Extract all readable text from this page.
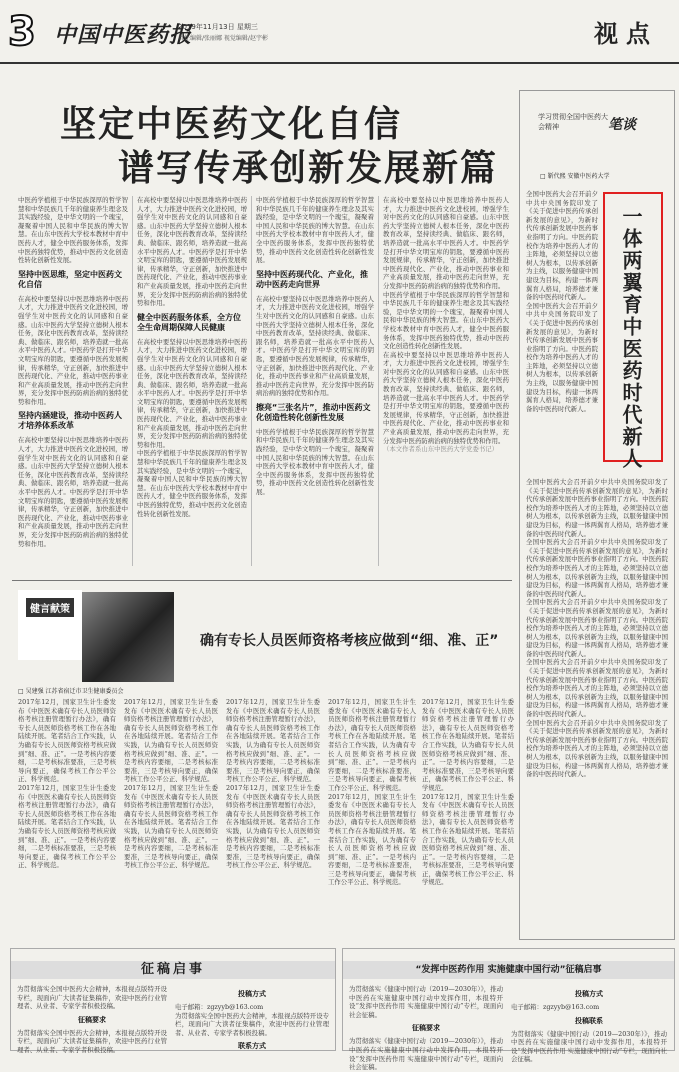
3 中国中医药报
2019年11月13日 星期三
责任编辑/张丽娜 视觉编辑/赵宇彬	视点
坚定中医药文化自信
谱写传承创新发展新篇
中医药学植根于中华民族深厚的哲学智慧和中华民族几千年的健康养生理念及其实践经验，是中华文明的一个瑰宝，凝聚着中国人民和中华民族的博大智慧。在山东中医药大学校本教材中育中医药人才，健全中医药服务体系，发挥中医药独特优势，推动中医药文化创造性转化创新性发展。
坚持中医思维，坚定中医药文化自信
在高校中要坚持以中医思维培养中医药人才，大力推进中医药文化进校园，增强学生对中医药文化的认同感和自豪感。山东中医药大学坚持立德树人根本任务，深化中医药教育改革，坚持读经典、做临床、跟名师，培养造就一批高水平中医药人才。中医药学是打开中华文明宝库的钥匙，要遵循中医药发展规律，传承精华，守正创新，加快推进中医药现代化、产业化，推动中医药事业和产业高质量发展，推动中医药走向世界，充分发挥中医药防病治病的独特优势和作用。
坚持内涵建设，推动中医药人才培养体系改革
在高校中要坚持以中医思维培养中医药人才，大力推进中医药文化进校园，增强学生对中医药文化的认同感和自豪感。山东中医药大学坚持立德树人根本任务，深化中医药教育改革，坚持读经典、做临床、跟名师，培养造就一批高水平中医药人才。中医药学是打开中华文明宝库的钥匙，要遵循中医药发展规律，传承精华，守正创新，加快推进中医药现代化、产业化，推动中医药事业和产业高质量发展，推动中医药走向世界，充分发挥中医药防病治病的独特优势和作用。
在高校中要坚持以中医思维培养中医药人才，大力推进中医药文化进校园，增强学生对中医药文化的认同感和自豪感。山东中医药大学坚持立德树人根本任务，深化中医药教育改革，坚持读经典、做临床、跟名师，培养造就一批高水平中医药人才。中医药学是打开中华文明宝库的钥匙，要遵循中医药发展规律，传承精华，守正创新，加快推进中医药现代化、产业化，推动中医药事业和产业高质量发展，推动中医药走向世界，充分发挥中医药防病治病的独特优势和作用。
健全中医药服务体系，全方位全生命周期保障人民健康
在高校中要坚持以中医思维培养中医药人才，大力推进中医药文化进校园，增强学生对中医药文化的认同感和自豪感。山东中医药大学坚持立德树人根本任务，深化中医药教育改革，坚持读经典、做临床、跟名师，培养造就一批高水平中医药人才。中医药学是打开中华文明宝库的钥匙，要遵循中医药发展规律，传承精华，守正创新，加快推进中医药现代化、产业化，推动中医药事业和产业高质量发展，推动中医药走向世界，充分发挥中医药防病治病的独特优势和作用。
中医药学植根于中华民族深厚的哲学智慧和中华民族几千年的健康养生理念及其实践经验，是中华文明的一个瑰宝，凝聚着中国人民和中华民族的博大智慧。在山东中医药大学校本教材中育中医药人才，健全中医药服务体系，发挥中医药独特优势，推动中医药文化创造性转化创新性发展。
中医药学植根于中华民族深厚的哲学智慧和中华民族几千年的健康养生理念及其实践经验，是中华文明的一个瑰宝，凝聚着中国人民和中华民族的博大智慧。在山东中医药大学校本教材中育中医药人才，健全中医药服务体系，发挥中医药独特优势，推动中医药文化创造性转化创新性发展。
坚持中医药现代化、产业化，推动中医药走向世界
在高校中要坚持以中医思维培养中医药人才，大力推进中医药文化进校园，增强学生对中医药文化的认同感和自豪感。山东中医药大学坚持立德树人根本任务，深化中医药教育改革，坚持读经典、做临床、跟名师，培养造就一批高水平中医药人才。中医药学是打开中华文明宝库的钥匙，要遵循中医药发展规律，传承精华，守正创新，加快推进中医药现代化、产业化，推动中医药事业和产业高质量发展，推动中医药走向世界，充分发挥中医药防病治病的独特优势和作用。
擦亮“三张名片”，推动中医药文化创造性转化创新性发展
中医药学植根于中华民族深厚的哲学智慧和中华民族几千年的健康养生理念及其实践经验，是中华文明的一个瑰宝，凝聚着中国人民和中华民族的博大智慧。在山东中医药大学校本教材中育中医药人才，健全中医药服务体系，发挥中医药独特优势，推动中医药文化创造性转化创新性发展。
在高校中要坚持以中医思维培养中医药人才，大力推进中医药文化进校园，增强学生对中医药文化的认同感和自豪感。山东中医药大学坚持立德树人根本任务，深化中医药教育改革，坚持读经典、做临床、跟名师，培养造就一批高水平中医药人才。中医药学是打开中华文明宝库的钥匙，要遵循中医药发展规律，传承精华，守正创新，加快推进中医药现代化、产业化，推动中医药事业和产业高质量发展，推动中医药走向世界，充分发挥中医药防病治病的独特优势和作用。
中医药学植根于中华民族深厚的哲学智慧和中华民族几千年的健康养生理念及其实践经验，是中华文明的一个瑰宝，凝聚着中国人民和中华民族的博大智慧。在山东中医药大学校本教材中育中医药人才，健全中医药服务体系，发挥中医药独特优势，推动中医药文化创造性转化创新性发展。
在高校中要坚持以中医思维培养中医药人才，大力推进中医药文化进校园，增强学生对中医药文化的认同感和自豪感。山东中医药大学坚持立德树人根本任务，深化中医药教育改革，坚持读经典、做临床、跟名师，培养造就一批高水平中医药人才。中医药学是打开中华文明宝库的钥匙，要遵循中医药发展规律，传承精华，守正创新，加快推进中医药现代化、产业化，推动中医药事业和产业高质量发展，推动中医药走向世界，充分发挥中医药防病治病的独特优势和作用。
（本文作者系山东中医药大学党委书记）
学习贯彻全国中医药大会精神	笔谈
□ 靳代熙 安徽中医药大学
全国中医药大会召开前夕中共中央国务院印发了《关于促进中医药传承创新发展的意见》，为新时代传承创新发展中医药事业指明了方向。中医药院校作为培养中医药人才的主阵地，必须坚持以立德树人为根本，以传承创新为主线，以服务健康中国建设为目标，构建一体两翼育人格局，培养德才兼备的中医药时代新人。
全国中医药大会召开前夕中共中央国务院印发了《关于促进中医药传承创新发展的意见》，为新时代传承创新发展中医药事业指明了方向。中医药院校作为培养中医药人才的主阵地，必须坚持以立德树人为根本，以传承创新为主线，以服务健康中国建设为目标，构建一体两翼育人格局，培养德才兼备的中医药时代新人。	一体两翼育中医药时代新人
全国中医药大会召开前夕中共中央国务院印发了《关于促进中医药传承创新发展的意见》，为新时代传承创新发展中医药事业指明了方向。中医药院校作为培养中医药人才的主阵地，必须坚持以立德树人为根本，以传承创新为主线，以服务健康中国建设为目标，构建一体两翼育人格局，培养德才兼备的中医药时代新人。
全国中医药大会召开前夕中共中央国务院印发了《关于促进中医药传承创新发展的意见》，为新时代传承创新发展中医药事业指明了方向。中医药院校作为培养中医药人才的主阵地，必须坚持以立德树人为根本，以传承创新为主线，以服务健康中国建设为目标，构建一体两翼育人格局，培养德才兼备的中医药时代新人。
全国中医药大会召开前夕中共中央国务院印发了《关于促进中医药传承创新发展的意见》，为新时代传承创新发展中医药事业指明了方向。中医药院校作为培养中医药人才的主阵地，必须坚持以立德树人为根本，以传承创新为主线，以服务健康中国建设为目标，构建一体两翼育人格局，培养德才兼备的中医药时代新人。
全国中医药大会召开前夕中共中央国务院印发了《关于促进中医药传承创新发展的意见》，为新时代传承创新发展中医药事业指明了方向。中医药院校作为培养中医药人才的主阵地，必须坚持以立德树人为根本，以传承创新为主线，以服务健康中国建设为目标，构建一体两翼育人格局，培养德才兼备的中医药时代新人。
全国中医药大会召开前夕中共中央国务院印发了《关于促进中医药传承创新发展的意见》，为新时代传承创新发展中医药事业指明了方向。中医药院校作为培养中医药人才的主阵地，必须坚持以立德树人为根本，以传承创新为主线，以服务健康中国建设为目标，构建一体两翼育人格局，培养德才兼备的中医药时代新人。
健言献策
确有专长人员医师资格考核应做到“细、准、正”
□ 吴建强 江苏省宿迁市卫生健康委员会
2017年12月，国家卫生计生委发布《中医医术确有专长人员医师资格考核注册管理暂行办法》，确有专长人员医师资格考核工作在各地陆续开展。笔者结合工作实践，认为确有专长人员医师资格考核应做到“细、准、正”。一是考核内容要细，二是考核标准要准，三是考核导向要正，确保考核工作公平公正、科学规范。
2017年12月，国家卫生计生委发布《中医医术确有专长人员医师资格考核注册管理暂行办法》，确有专长人员医师资格考核工作在各地陆续开展。笔者结合工作实践，认为确有专长人员医师资格考核应做到“细、准、正”。一是考核内容要细，二是考核标准要准，三是考核导向要正，确保考核工作公平公正、科学规范。
2017年12月，国家卫生计生委发布《中医医术确有专长人员医师资格考核注册管理暂行办法》，确有专长人员医师资格考核工作在各地陆续开展。笔者结合工作实践，认为确有专长人员医师资格考核应做到“细、准、正”。一是考核内容要细，二是考核标准要准，三是考核导向要正，确保考核工作公平公正、科学规范。
2017年12月，国家卫生计生委发布《中医医术确有专长人员医师资格考核注册管理暂行办法》，确有专长人员医师资格考核工作在各地陆续开展。笔者结合工作实践，认为确有专长人员医师资格考核应做到“细、准、正”。一是考核内容要细，二是考核标准要准，三是考核导向要正，确保考核工作公平公正、科学规范。
2017年12月，国家卫生计生委发布《中医医术确有专长人员医师资格考核注册管理暂行办法》，确有专长人员医师资格考核工作在各地陆续开展。笔者结合工作实践，认为确有专长人员医师资格考核应做到“细、准、正”。一是考核内容要细，二是考核标准要准，三是考核导向要正，确保考核工作公平公正、科学规范。
2017年12月，国家卫生计生委发布《中医医术确有专长人员医师资格考核注册管理暂行办法》，确有专长人员医师资格考核工作在各地陆续开展。笔者结合工作实践，认为确有专长人员医师资格考核应做到“细、准、正”。一是考核内容要细，二是考核标准要准，三是考核导向要正，确保考核工作公平公正、科学规范。
2017年12月，国家卫生计生委发布《中医医术确有专长人员医师资格考核注册管理暂行办法》，确有专长人员医师资格考核工作在各地陆续开展。笔者结合工作实践，认为确有专长人员医师资格考核应做到“细、准、正”。一是考核内容要细，二是考核标准要准，三是考核导向要正，确保考核工作公平公正、科学规范。
2017年12月，国家卫生计生委发布《中医医术确有专长人员医师资格考核注册管理暂行办法》，确有专长人员医师资格考核工作在各地陆续开展。笔者结合工作实践，认为确有专长人员医师资格考核应做到“细、准、正”。一是考核内容要细，二是考核标准要准，三是考核导向要正，确保考核工作公平公正、科学规范。
2017年12月，国家卫生计生委发布《中医医术确有专长人员医师资格考核注册管理暂行办法》，确有专长人员医师资格考核工作在各地陆续开展。笔者结合工作实践，认为确有专长人员医师资格考核应做到“细、准、正”。一是考核内容要细，二是考核标准要准，三是考核导向要正，确保考核工作公平公正、科学规范。
2017年12月，国家卫生计生委发布《中医医术确有专长人员医师资格考核注册管理暂行办法》，确有专长人员医师资格考核工作在各地陆续开展。笔者结合工作实践，认为确有专长人员医师资格考核应做到“细、准、正”。一是考核内容要细，二是考核标准要准，三是考核导向要正，确保考核工作公平公正、科学规范。
征稿启事
为贯彻落实全国中医药大会精神，本报视点版特开设专栏，现面向广大读者征集稿件，欢迎中医药行业管理者、从业者、专家学者积极投稿。
征稿要求
为贯彻落实全国中医药大会精神，本报视点版特开设专栏，现面向广大读者征集稿件，欢迎中医药行业管理者、从业者、专家学者积极投稿。
投稿方式
电子邮箱：zgzyyb@163.com
为贯彻落实全国中医药大会精神，本报视点版特开设专栏，现面向广大读者征集稿件，欢迎中医药行业管理者、从业者、专家学者积极投稿。
联系方式
“发挥中医药作用 实施健康中国行动”征稿启事
为贯彻落实《健康中国行动（2019—2030年）》，推动中医药在实施健康中国行动中发挥作用，本报特开设“发挥中医药作用 实施健康中国行动”专栏，现面向社会征稿。
征稿要求
为贯彻落实《健康中国行动（2019—2030年）》，推动中医药在实施健康中国行动中发挥作用，本报特开设“发挥中医药作用 实施健康中国行动”专栏，现面向社会征稿。
投稿方式
电子邮箱：zgzyyb@163.com
投稿联系
为贯彻落实《健康中国行动（2019—2030年）》，推动中医药在实施健康中国行动中发挥作用，本报特开设“发挥中医药作用 实施健康中国行动”专栏，现面向社会征稿。
